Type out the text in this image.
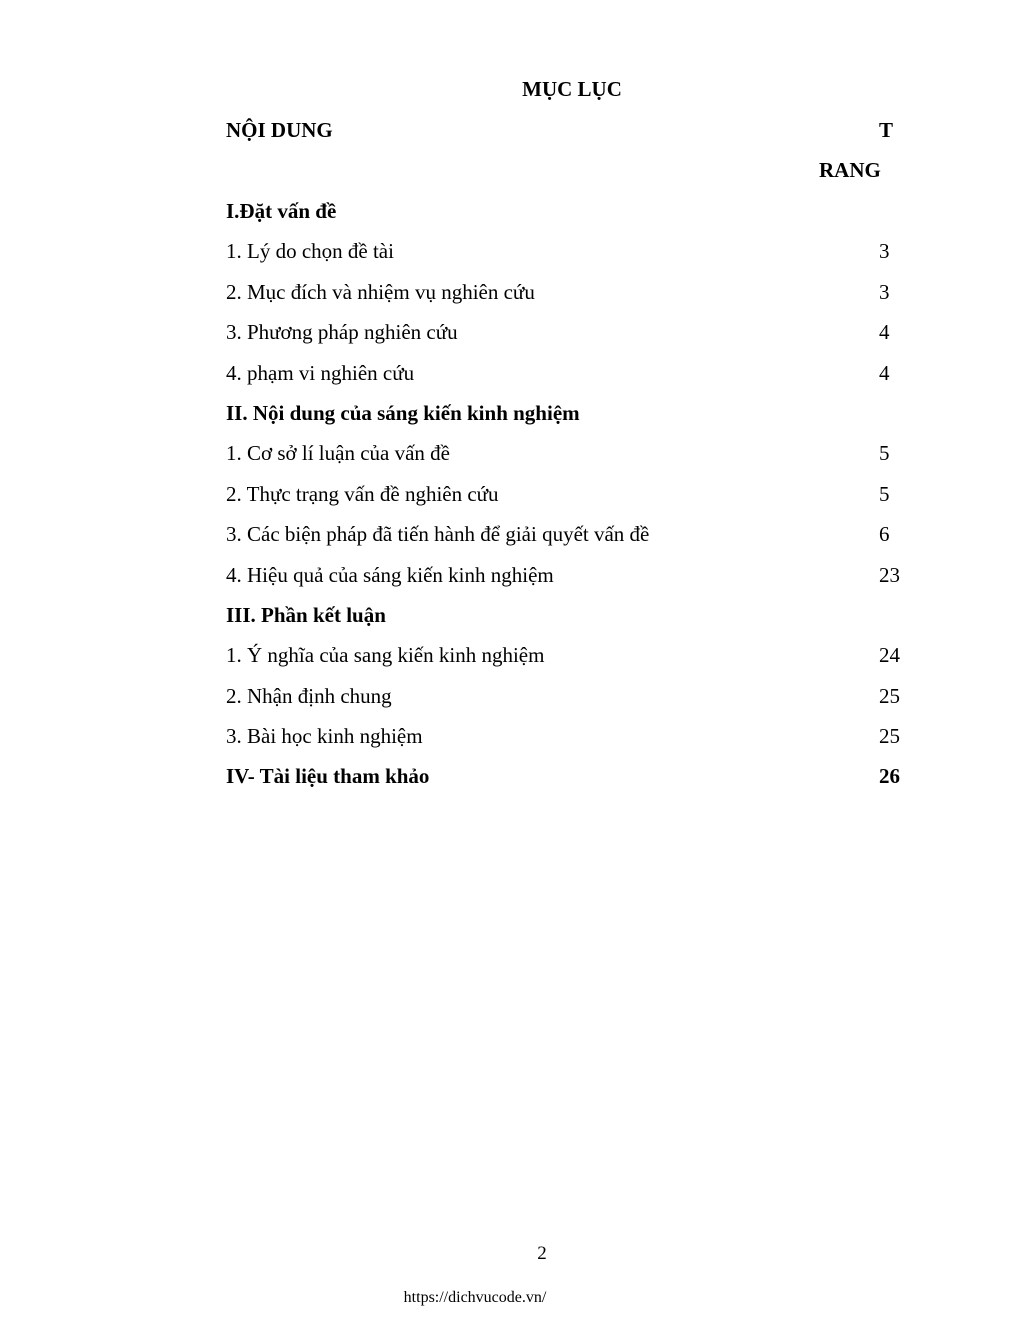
MỤC LỤC
NỘI DUNG	T
RANG
I.Đặt vấn đề
1. Lý do chọn đề tài	3
2. Mục đích và nhiệm vụ nghiên cứu	3
3. Phương pháp nghiên cứu	4
4. phạm vi nghiên cứu	4
II. Nội dung của sáng kiến kinh nghiệm
1. Cơ sở lí luận của vấn đề	5
2. Thực trạng vấn đề nghiên cứu	5
3. Các biện pháp đã tiến hành để giải quyết vấn đề	6
4. Hiệu quả của sáng kiến kinh nghiệm	23
III. Phần kết luận
1. Ý nghĩa của sang kiến kinh nghiệm	24
2. Nhận định chung	25
3. Bài học kinh nghiệm	25
IV- Tài liệu tham khảo	26
2
https://dichvucode.vn/
